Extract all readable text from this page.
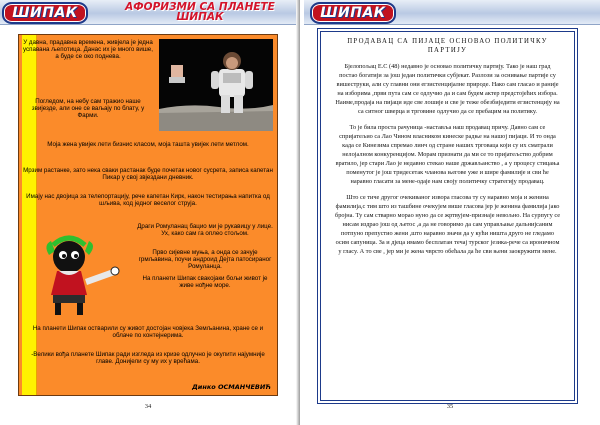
ШИПАК	АФОРИЗМИ СА ПЛАНЕТЕ ШИПАК
У давна, прадавна времена, живјела је једна успавана љепотица. Данас их је много више, а буде се око поднева.
Погледом, на небу сам тражио наше звијезде, али оне се ваљају по блату, у Фарми.
Моја жена увијек лети бизнис класом, моја ташта увијек лети метлом.
Мрзим растанке, зато нека сваки растанак буде почетак новог сусрета, записа капетан Пикар у свој звјездани дневник.
Имају нас двојица за телепортацију, рече капетан Кирк, након тестирања напитка од шљива, код једног веселог струја.
Драги Ромуланац бацио ми је рукавицу у лице. Ух, како сам га оплео стољом.
Прво сијевне муња, а онда се зачује грмљавина, поучи андроид Дејта патосираног Ромуланца.
На планети Шипак свакојаки бољи живот је живе нођне море.
На планети Шипак остварили су живот достојан човјека Земљанина, хране се и облаче по контејнерима.
-Велики вођа планете Шипак ради изгледа из кризе одлучно је окупити најумније главе. Донијели су му их у врећама.
Динко ОСМАНЧЕВИЋ
34
ШИПАК
ПРОДАВАЦ СА ПИЈАЦЕ ОСНОВАО ПОЛИТИЧКУ ПАРТИЈУ

Бјелопољац Е.С (48) недавно је основао политичку партију. Тако је наш град постао богатији за још један политички субјекат. Разлози за оснивање партије су вишеструки, али су главни они егзистенцијалне природе. Нако сам гласао и раније на изборима ,први пута сам се одлучио да и сам будем актер предстојећих избора. Наиме,продаја на пијаци иде све лошије и све је теже обезбиједити егзистенцију на са ситног шверца и трговине одлучио да се пребацим на политику.

То је била проста рачуница -наставља наш продавац причу. Давно сам се спријатељио са Лао Чином власником кинеске радње на нашој пијаци. И то онда када се Кинезима спремао линч од стране наших трговаца који су их сматрали нелојалном конкуренцијом. Морам признати да ми се то пријатељство добрим вратило, јер стари Лао је недавно стекао наше држављанство , а у процесу стицања поменутог је још тридесетак чланова његове уже и шире фамилије и сви ће наравно гласати за мене-одаје нам своју политичку стратегију продавац.

Што се тиче другог очекиваног извора гласова ту су наравно моја и женина фамилија,с тим што из ташбине очекујем више гласова јер је женина фамилија јако бројна. Ту сам стварно морао нуно да се жртвујем-признаје невољно. На сурпугу се нисам издрао још од љетос ,а да не говоримо да сам управљање дальнијсаним потпуно препустио жени ,што наравно значи да у кући ништа друго не гледамо осим сапуница. За и дјеца имамо бесплатан течај турског језика-рече са ироничном у гласу. А то све , јер ми је жена чврсто обећала да ће сви њени заокружити мене.

35
